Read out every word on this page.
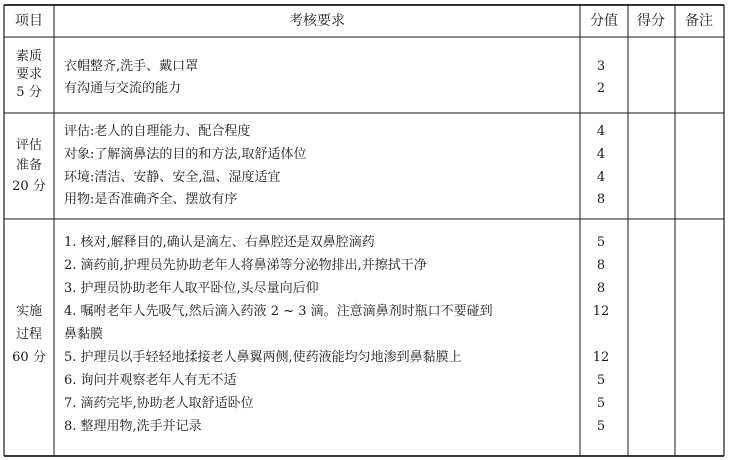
项目	考核要求	分值 得分 备注
素质
要求
5 分
衣帽整齐,洗手、戴口罩	3
有沟通与交流的能力	2
评估
准备
20 分
评估:老人的自理能力、配合程度	4
对象:了解滴鼻法的目的和方法,取舒适体位	4
环境:清洁、安静、安全,温、湿度适宜	4
用物:是否准确齐全、摆放有序	8
实施
过程
60 分
1. 核对,解释目的,确认是滴左、右鼻腔还是双鼻腔滴药	5
2. 滴药前,护理员先协助老年人将鼻涕等分泌物排出,并擦拭干净	8
3. 护理员协助老年人取平卧位,头尽量向后仰	8
4. 嘱咐老年人先吸气,然后滴入药液 2 ~ 3 滴。注意滴鼻剂时瓶口不要碰到	12
鼻黏膜
5. 护理员以手轻轻地揉接老人鼻翼两侧,使药液能均匀地渗到鼻黏膜上	12
6. 询问并观察老年人有无不适	5
7. 滴药完毕,协助老人取舒适卧位	5
8. 整理用物,洗手并记录	5
